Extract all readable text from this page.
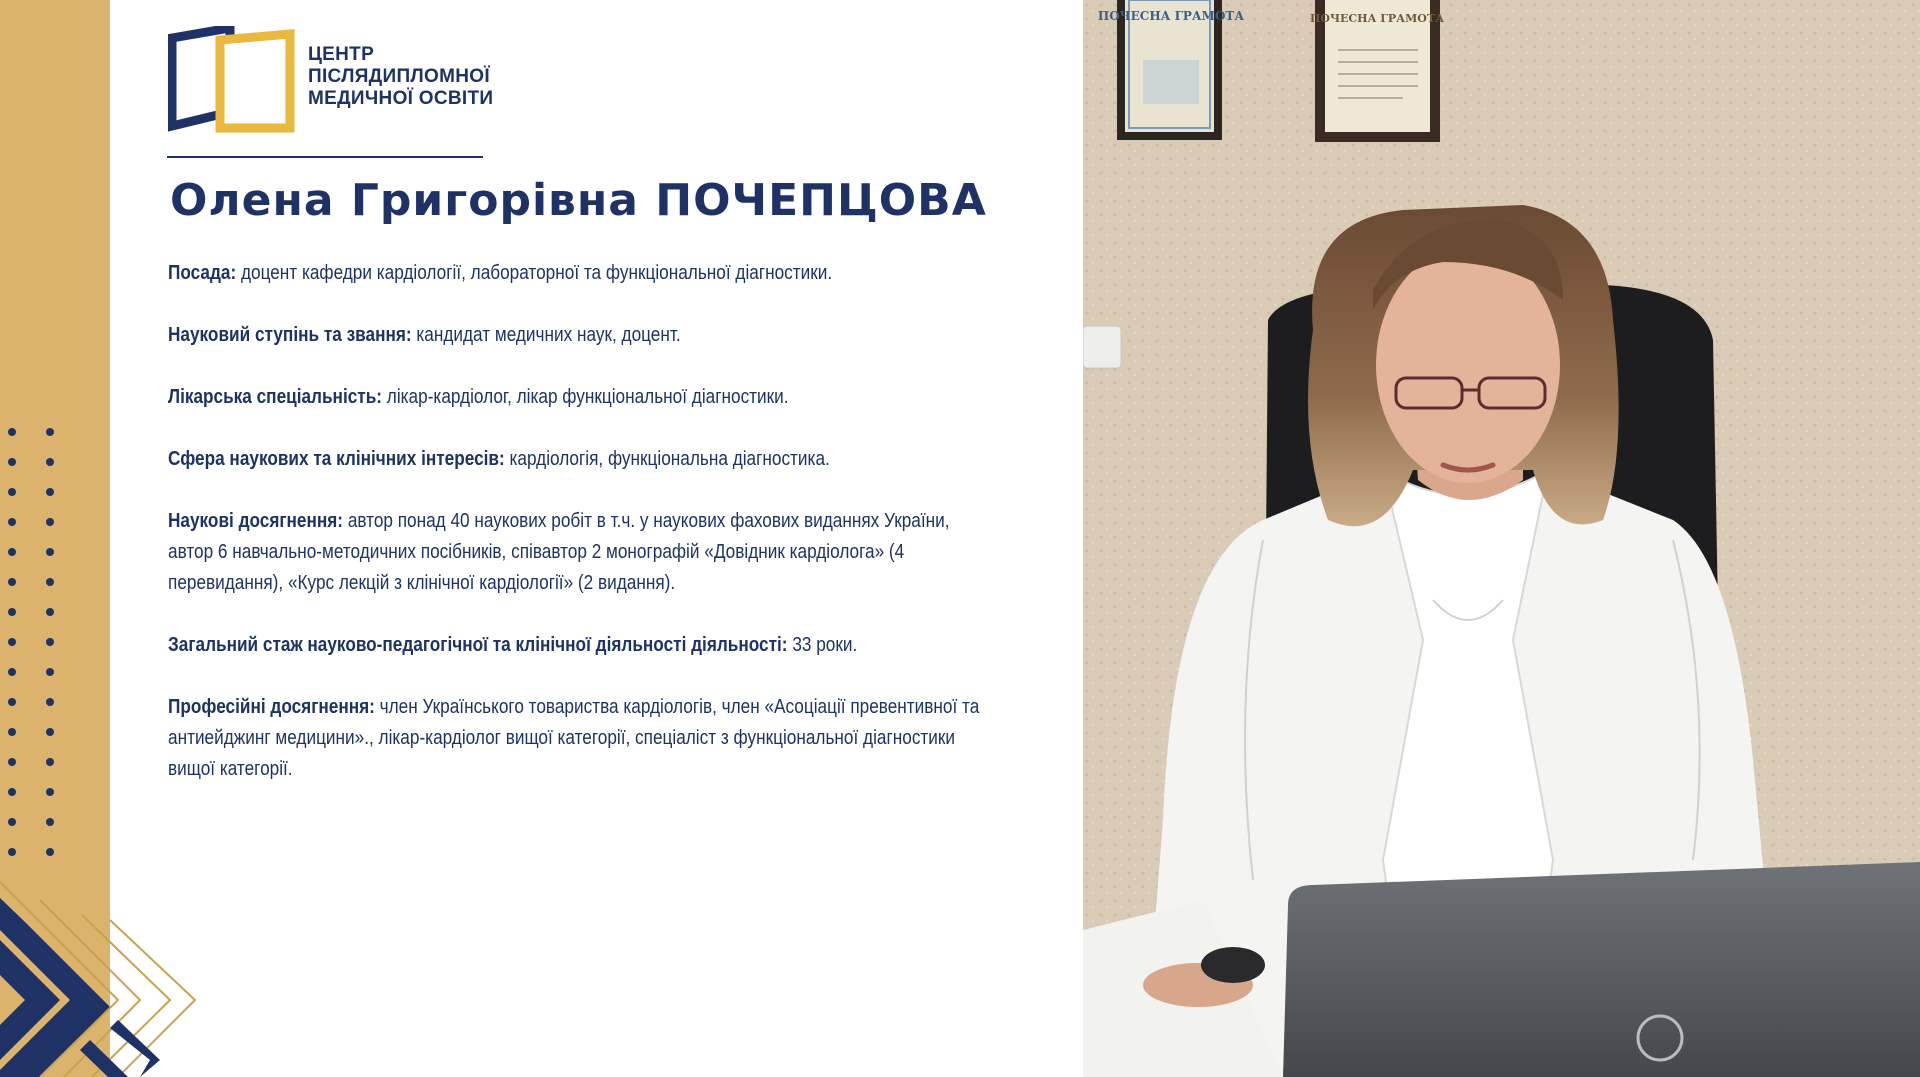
ЦЕНТР
ПІСЛЯДИПЛОМНОЇ
МЕДИЧНОЇ ОСВІТИ
Олена Григорівна ПОЧЕПЦОВА
Посада: доцент кафедри кардіології, лабораторної та функціональної діагностики.
Науковий ступінь та звання: кандидат медичних наук, доцент.
Лікарська спеціальність: лікар-кардіолог, лікар функціональної діагностики.
Сфера наукових та клінічних інтересів: кардіологія, функціональна діагностика.
Наукові досягнення: автор понад 40 наукових робіт в т.ч. у наукових фахових виданнях України, автор 6 навчально-методичних посібників, співавтор 2 монографій «Довідник кардіолога» (4 перевидання), «Курс лекцій з клінічної кардіології» (2 видання).
Загальний стаж науково-педагогічної та клінічної діяльності діяльності: 33 роки.
Професійні досягнення: член Українського товариства кардіологів, член «Асоціації превентивної та антиейджинг медицини»., лікар-кардіолог вищої категорії, спеціаліст з функціональної діагностики вищої категорії.
ПОЧЕСНА ГРАМОТА	ПОЧЕСНА ГРАМОТА
